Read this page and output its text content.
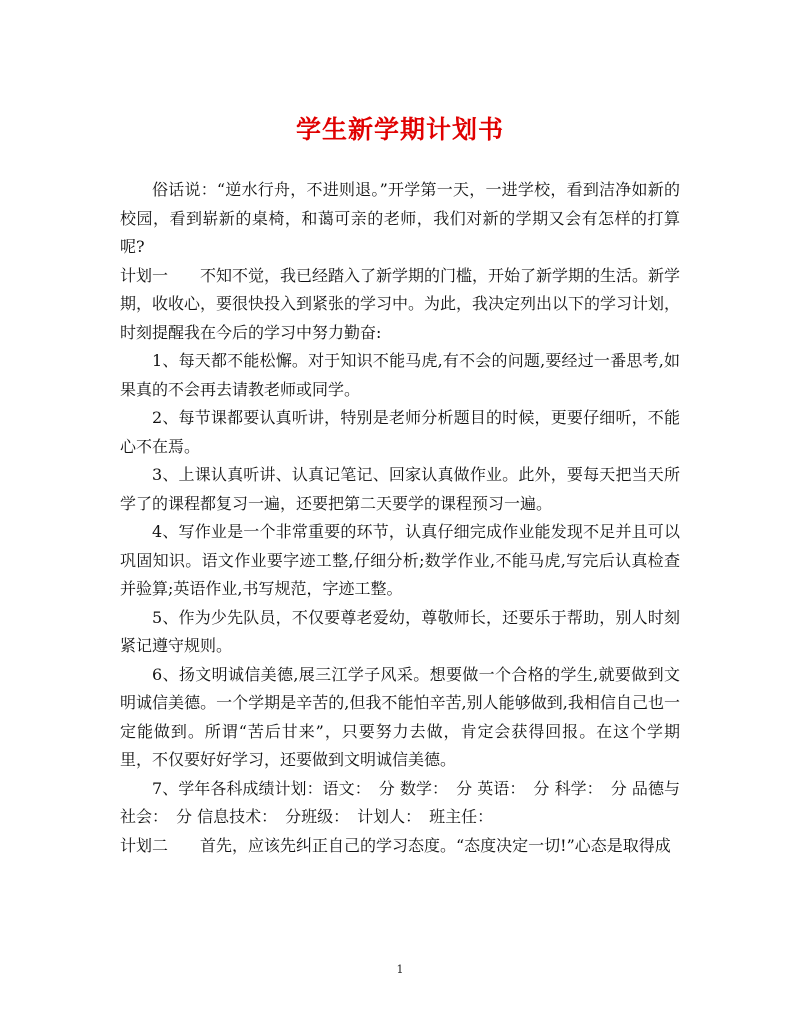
学生新学期计划书

俗话说：“逆水行舟，不进则退。”开学第一天，一进学校，看到洁净如新的校园，看到崭新的桌椅，和蔼可亲的老师，我们对新的学期又会有怎样的打算呢?

计划一 不知不觉，我已经踏入了新学期的门槛，开始了新学期的生活。新学期，收收心，要很快投入到紧张的学习中。为此，我决定列出以下的学习计划，时刻提醒我在今后的学习中努力勤奋:

1、每天都不能松懈。对于知识不能马虎,有不会的问题,要经过一番思考,如果真的不会再去请教老师或同学。

2、每节课都要认真听讲，特别是老师分析题目的时候，更要仔细听，不能心不在焉。

3、上课认真听讲、认真记笔记、回家认真做作业。此外，要每天把当天所学了的课程都复习一遍，还要把第二天要学的课程预习一遍。

4、写作业是一个非常重要的环节，认真仔细完成作业能发现不足并且可以巩固知识。语文作业要字迹工整,仔细分析;数学作业,不能马虎,写完后认真检查并验算;英语作业,书写规范，字迹工整。

5、作为少先队员，不仅要尊老爱幼，尊敬师长，还要乐于帮助，别人时刻紧记遵守规则。

6、扬文明诚信美德,展三江学子风采。想要做一个合格的学生,就要做到文明诚信美德。一个学期是辛苦的,但我不能怕辛苦,别人能够做到,我相信自己也一定能做到。所谓“苦后甘来”，只要努力去做，肯定会获得回报。在这个学期里，不仅要好好学习，还要做到文明诚信美德。

7、学年各科成绩计划：语文：　分 数学：　分 英语：　分 科学：　分 品德与社会：　分 信息技术：　分班级：　计划人：　班主任：

计划二 首先，应该先纠正自己的学习态度。“态度决定一切!”心态是取得成

1
